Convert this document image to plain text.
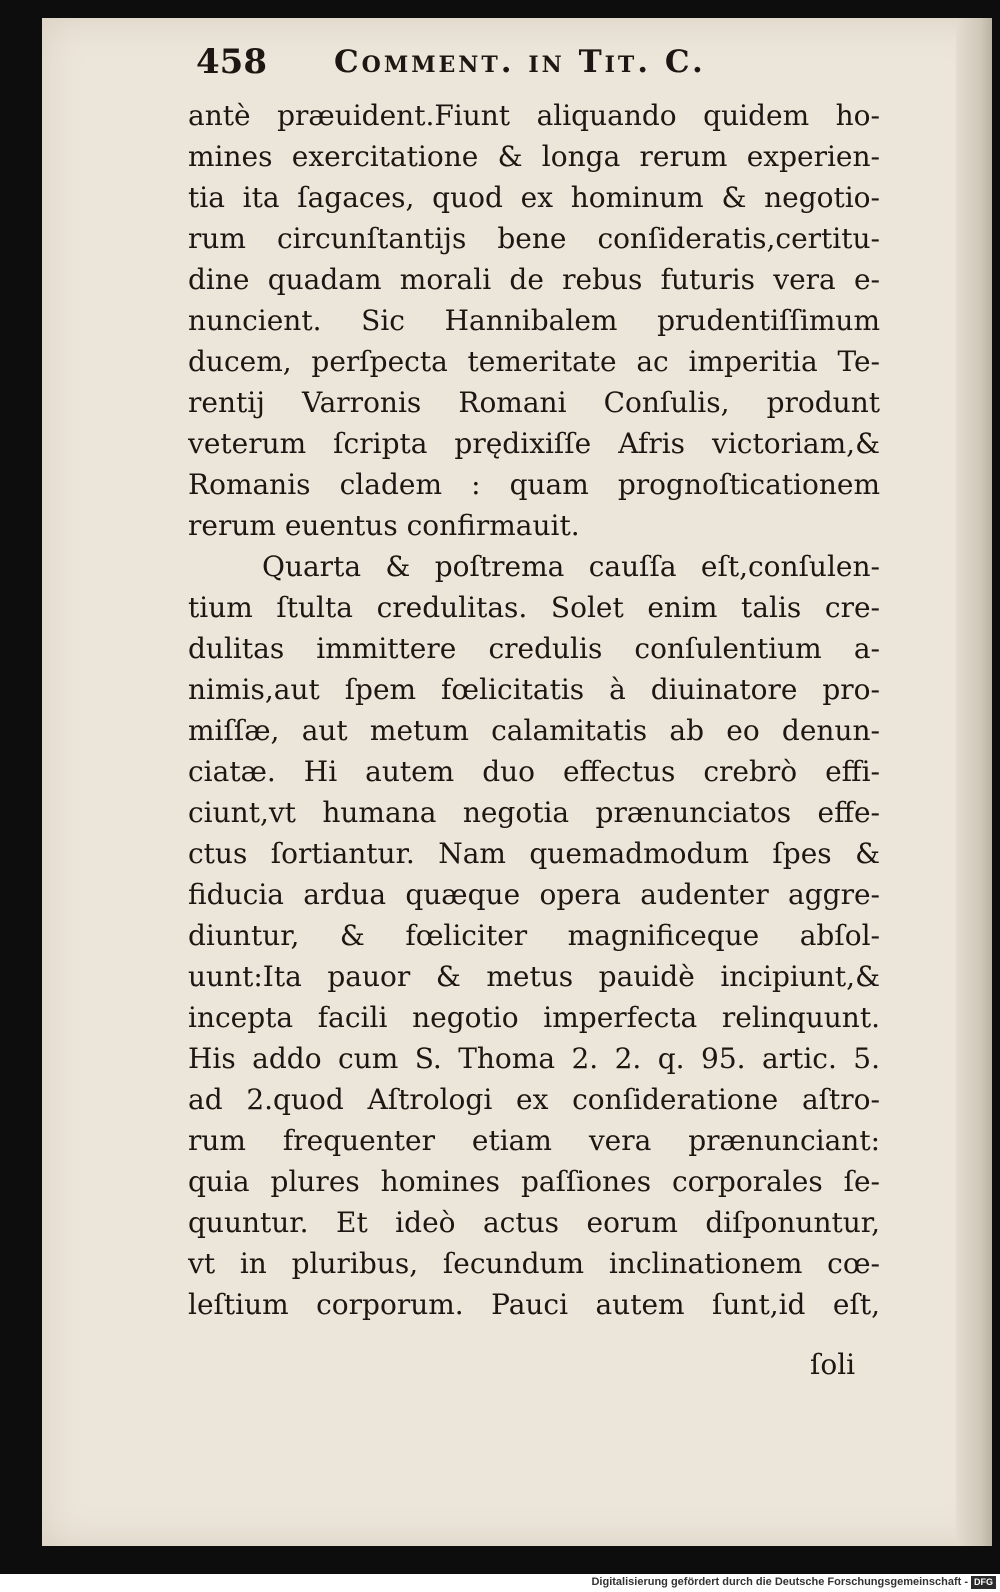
458 Comment. in Tit. C.
antè præuident.Fiunt aliquando quidem ho-
mines exercitatione & longa rerum experien-
tia ita ſagaces, quod ex hominum & negotio-
rum circunſtantijs bene conſideratis,certitu-
dine quadam morali de rebus futuris vera e-
nuncient. Sic Hannibalem prudentiſſimum
ducem, perſpecta temeritate ac imperitia Te-
rentij Varronis Romani Conſulis, produnt
veterum ſcripta prędixiſſe Afris victoriam,&
Romanis cladem : quam prognoſticationem
rerum euentus confirmauit.
Quarta & poſtrema cauſſa eſt,conſulen-
tium ſtulta credulitas. Solet enim talis cre-
dulitas immittere credulis conſulentium a-
nimis,aut ſpem fœlicitatis à diuinatore pro-
miſſæ, aut metum calamitatis ab eo denun-
ciatæ. Hi autem duo effectus crebrò effi-
ciunt,vt humana negotia prænunciatos effe-
ctus ſortiantur. Nam quemadmodum ſpes &
fiducia ardua quæque opera audenter aggre-
diuntur, & fœliciter magnificeque abſol-
uunt:Ita pauor & metus pauidè incipiunt,&
incepta facili negotio imperfecta relinquunt.
His addo cum S. Thoma 2. 2. q. 95. artic. 5.
ad 2.quod Aſtrologi ex conſideratione aſtro-
rum frequenter etiam vera prænunciant:
quia plures homines paſſiones corporales ſe-
quuntur. Et ideò actus eorum diſponuntur,
vt in pluribus, ſecundum inclinationem cœ-
leſtium corporum. Pauci autem ſunt,id eſt,
ſoli
Digitalisierung gefördert durch die Deutsche Forschungsgemeinschaft - DFG
